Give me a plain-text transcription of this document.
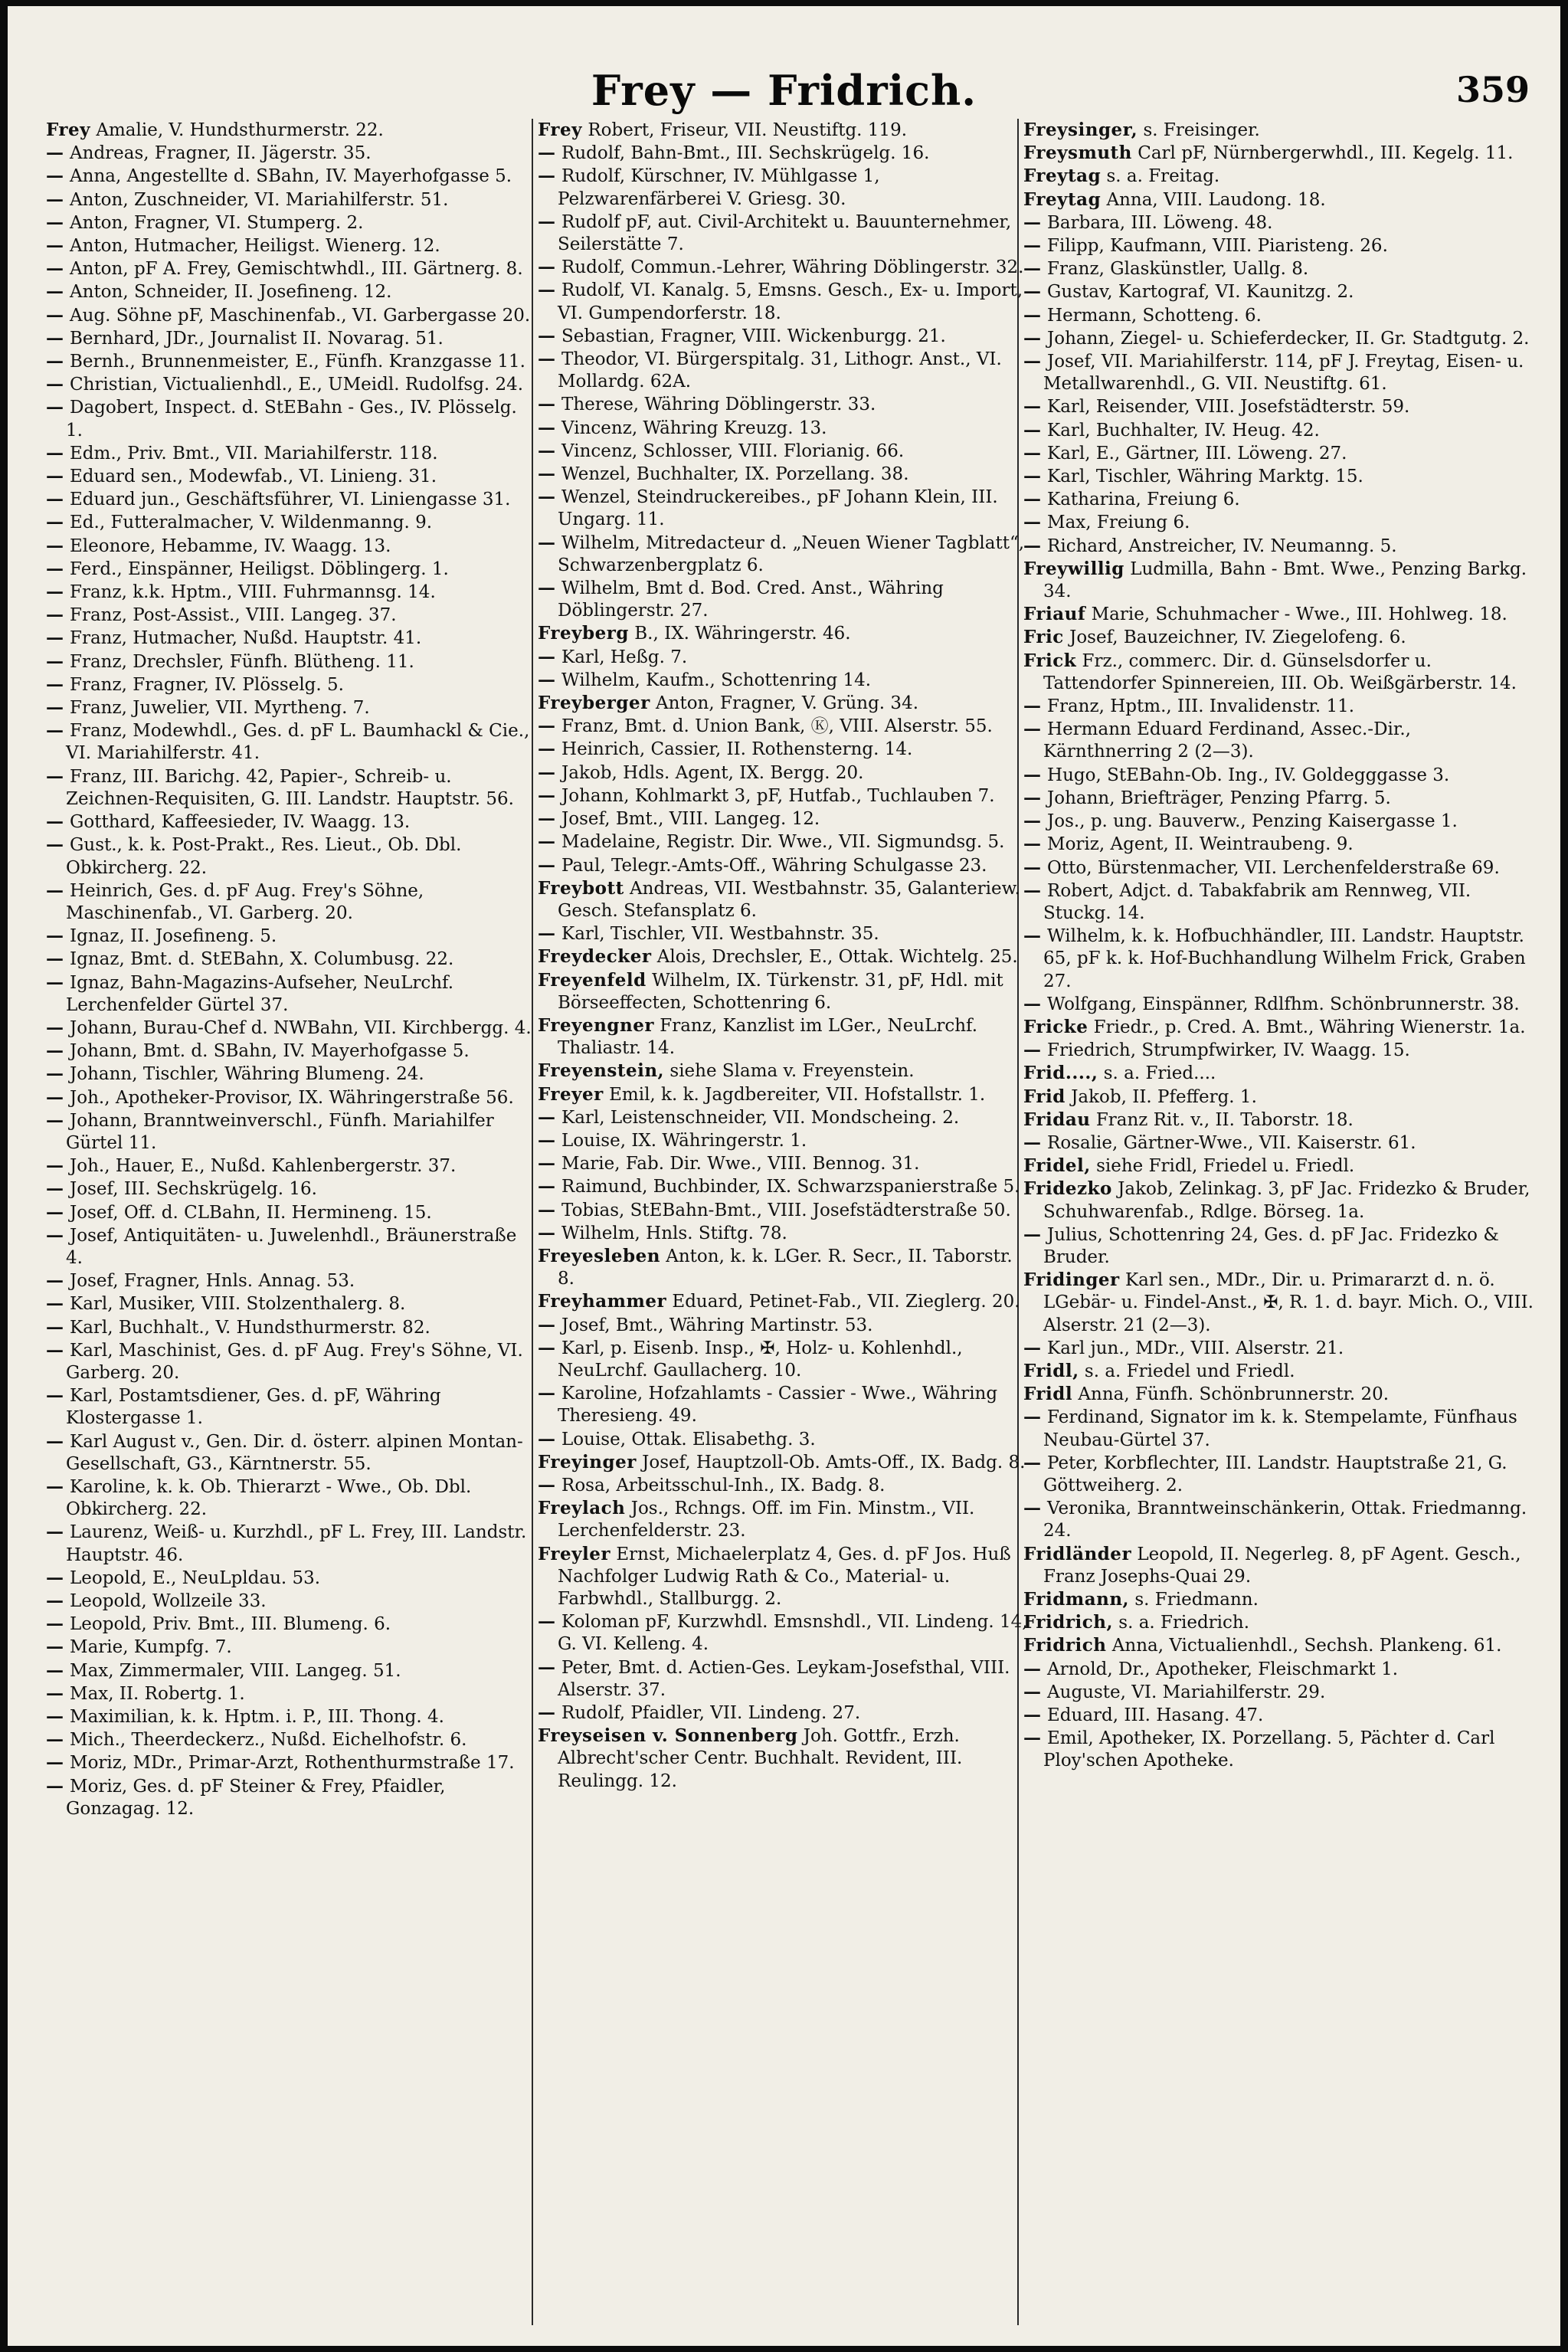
Frey — Fridrich.	359

Frey Amalie, V. Hundsthurmerstr. 22.

— Andreas, Fragner, II. Jägerstr. 35.

— Anna, Angestellte d. SBahn, IV. Mayerhofgasse 5.

— Anton, Zuschneider, VI. Mariahilferstr. 51.

— Anton, Fragner, VI. Stumperg. 2.

— Anton, Hutmacher, Heiligst. Wienerg. 12.

— Anton, pF A. Frey, Gemischtwhdl., III. Gärtnerg. 8.

— Anton, Schneider, II. Josefineng. 12.

— Aug. Söhne pF, Maschinenfab., VI. Garbergasse 20.

— Bernhard, JDr., Journalist II. Novarag. 51.

— Bernh., Brunnenmeister, E., Fünfh. Kranzgasse 11.

— Christian, Victualienhdl., E., UMeidl. Rudolfsg. 24.

— Dagobert, Inspect. d. StEBahn - Ges., IV. Plösselg. 1.

— Edm., Priv. Bmt., VII. Mariahilferstr. 118.

— Eduard sen., Modewfab., VI. Linieng. 31.

— Eduard jun., Geschäftsführer, VI. Liniengasse 31.

— Ed., Futteralmacher, V. Wildenmanng. 9.

— Eleonore, Hebamme, IV. Waagg. 13.

— Ferd., Einspänner, Heiligst. Döblingerg. 1.

— Franz, k.k. Hptm., VIII. Fuhrmannsg. 14.

— Franz, Post-Assist., VIII. Langeg. 37.

— Franz, Hutmacher, Nußd. Hauptstr. 41.

— Franz, Drechsler, Fünfh. Blütheng. 11.

— Franz, Fragner, IV. Plösselg. 5.

— Franz, Juwelier, VII. Myrtheng. 7.

— Franz, Modewhdl., Ges. d. pF L. Baumhackl & Cie., VI. Mariahilferstr. 41.

— Franz, III. Barichg. 42, Papier-, Schreib- u. Zeichnen-Requisiten, G. III. Landstr. Hauptstr. 56.

— Gotthard, Kaffeesieder, IV. Waagg. 13.

— Gust., k. k. Post-Prakt., Res. Lieut., Ob. Dbl. Obkircherg. 22.

— Heinrich, Ges. d. pF Aug. Frey's Söhne, Maschinenfab., VI. Garberg. 20.

— Ignaz, II. Josefineng. 5.

— Ignaz, Bmt. d. StEBahn, X. Columbusg. 22.

— Ignaz, Bahn-Magazins-Aufseher, NeuLrchf. Lerchenfelder Gürtel 37.

— Johann, Burau-Chef d. NWBahn, VII. Kirchbergg. 4.

— Johann, Bmt. d. SBahn, IV. Mayerhofgasse 5.

— Johann, Tischler, Währing Blumeng. 24.

— Joh., Apotheker-Provisor, IX. Währingerstraße 56.

— Johann, Branntweinverschl., Fünfh. Mariahilfer Gürtel 11.

— Joh., Hauer, E., Nußd. Kahlenbergerstr. 37.

— Josef, III. Sechskrügelg. 16.

— Josef, Off. d. CLBahn, II. Hermineng. 15.

— Josef, Antiquitäten- u. Juwelenhdl., Bräunerstraße 4.

— Josef, Fragner, Hnls. Annag. 53.

— Karl, Musiker, VIII. Stolzenthalerg. 8.

— Karl, Buchhalt., V. Hundsthurmerstr. 82.

— Karl, Maschinist, Ges. d. pF Aug. Frey's Söhne, VI. Garberg. 20.

— Karl, Postamtsdiener, Ges. d. pF, Währing Klostergasse 1.

— Karl August v., Gen. Dir. d. österr. alpinen Montan-Gesellschaft, G3., Kärntnerstr. 55.

— Karoline, k. k. Ob. Thierarzt - Wwe., Ob. Dbl. Obkircherg. 22.

— Laurenz, Weiß- u. Kurzhdl., pF L. Frey, III. Landstr. Hauptstr. 46.

— Leopold, E., NeuLpldau. 53.

— Leopold, Wollzeile 33.

— Leopold, Priv. Bmt., III. Blumeng. 6.

— Marie, Kumpfg. 7.

— Max, Zimmermaler, VIII. Langeg. 51.

— Max, II. Robertg. 1.

— Maximilian, k. k. Hptm. i. P., III. Thong. 4.

— Mich., Theerdeckerz., Nußd. Eichelhofstr. 6.

— Moriz, MDr., Primar-Arzt, Rothenthurmstraße 17.

— Moriz, Ges. d. pF Steiner & Frey, Pfaidler, Gonzagag. 12.

Frey Robert, Friseur, VII. Neustiftg. 119.

— Rudolf, Bahn-Bmt., III. Sechskrügelg. 16.

— Rudolf, Kürschner, IV. Mühlgasse 1, Pelzwarenfärberei V. Griesg. 30.

— Rudolf pF, aut. Civil-Architekt u. Bauunternehmer, Seilerstätte 7.

— Rudolf, Commun.-Lehrer, Währing Döblingerstr. 32.

— Rudolf, VI. Kanalg. 5, Emsns. Gesch., Ex- u. Import, VI. Gumpendorferstr. 18.

— Sebastian, Fragner, VIII. Wickenburgg. 21.

— Theodor, VI. Bürgerspitalg. 31, Lithogr. Anst., VI. Mollardg. 62A.

— Therese, Währing Döblingerstr. 33.

— Vincenz, Währing Kreuzg. 13.

— Vincenz, Schlosser, VIII. Florianig. 66.

— Wenzel, Buchhalter, IX. Porzellang. 38.

— Wenzel, Steindruckereibes., pF Johann Klein, III. Ungarg. 11.

— Wilhelm, Mitredacteur d. „Neuen Wiener Tagblatt“, Schwarzenbergplatz 6.

— Wilhelm, Bmt d. Bod. Cred. Anst., Währing Döblingerstr. 27.

Freyberg B., IX. Währingerstr. 46.

— Karl, Heßg. 7.

— Wilhelm, Kaufm., Schottenring 14.

Freyberger Anton, Fragner, V. Grüng. 34.

— Franz, Bmt. d. Union Bank, Ⓚ, VIII. Alserstr. 55.

— Heinrich, Cassier, II. Rothensterng. 14.

— Jakob, Hdls. Agent, IX. Bergg. 20.

— Johann, Kohlmarkt 3, pF, Hutfab., Tuchlauben 7.

— Josef, Bmt., VIII. Langeg. 12.

— Madelaine, Registr. Dir. Wwe., VII. Sigmundsg. 5.

— Paul, Telegr.-Amts-Off., Währing Schulgasse 23.

Freybott Andreas, VII. Westbahnstr. 35, Galanteriew. Gesch. Stefansplatz 6.

— Karl, Tischler, VII. Westbahnstr. 35.

Freydecker Alois, Drechsler, E., Ottak. Wichtelg. 25.

Freyenfeld Wilhelm, IX. Türkenstr. 31, pF, Hdl. mit Börseeffecten, Schottenring 6.

Freyengner Franz, Kanzlist im LGer., NeuLrchf. Thaliastr. 14.

Freyenstein, siehe Slama v. Freyenstein.

Freyer Emil, k. k. Jagdbereiter, VII. Hofstallstr. 1.

— Karl, Leistenschneider, VII. Mondscheing. 2.

— Louise, IX. Währingerstr. 1.

— Marie, Fab. Dir. Wwe., VIII. Bennog. 31.

— Raimund, Buchbinder, IX. Schwarzspanierstraße 5.

— Tobias, StEBahn-Bmt., VIII. Josefstädterstraße 50.

— Wilhelm, Hnls. Stiftg. 78.

Freyesleben Anton, k. k. LGer. R. Secr., II. Taborstr. 8.

Freyhammer Eduard, Petinet-Fab., VII. Zieglerg. 20.

— Josef, Bmt., Währing Martinstr. 53.

— Karl, p. Eisenb. Insp., ✠, Holz- u. Kohlenhdl., NeuLrchf. Gaullacherg. 10.

— Karoline, Hofzahlamts - Cassier - Wwe., Währing Theresieng. 49.

— Louise, Ottak. Elisabethg. 3.

Freyinger Josef, Hauptzoll-Ob. Amts-Off., IX. Badg. 8.

— Rosa, Arbeitsschul-Inh., IX. Badg. 8.

Freylach Jos., Rchngs. Off. im Fin. Minstm., VII. Lerchenfelderstr. 23.

Freyler Ernst, Michaelerplatz 4, Ges. d. pF Jos. Huß Nachfolger Ludwig Rath & Co., Material- u. Farbwhdl., Stallburgg. 2.

— Koloman pF, Kurzwhdl. Emsnshdl., VII. Lindeng. 14, G. VI. Kelleng. 4.

— Peter, Bmt. d. Actien-Ges. Leykam-Josefsthal, VIII. Alserstr. 37.

— Rudolf, Pfaidler, VII. Lindeng. 27.

Freyseisen v. Sonnenberg Joh. Gottfr., Erzh. Albrecht'scher Centr. Buchhalt. Revident, III. Reulingg. 12.

Freysinger, s. Freisinger.

Freysmuth Carl pF, Nürnbergerwhdl., III. Kegelg. 11.

Freytag s. a. Freitag.

Freytag Anna, VIII. Laudong. 18.

— Barbara, III. Löweng. 48.

— Filipp, Kaufmann, VIII. Piaristeng. 26.

— Franz, Glaskünstler, Uallg. 8.

— Gustav, Kartograf, VI. Kaunitzg. 2.

— Hermann, Schotteng. 6.

— Johann, Ziegel- u. Schieferdecker, II. Gr. Stadtgutg. 2.

— Josef, VII. Mariahilferstr. 114, pF J. Freytag, Eisen- u. Metallwarenhdl., G. VII. Neustiftg. 61.

— Karl, Reisender, VIII. Josefstädterstr. 59.

— Karl, Buchhalter, IV. Heug. 42.

— Karl, E., Gärtner, III. Löweng. 27.

— Karl, Tischler, Währing Marktg. 15.

— Katharina, Freiung 6.

— Max, Freiung 6.

— Richard, Anstreicher, IV. Neumanng. 5.

Freywillig Ludmilla, Bahn - Bmt. Wwe., Penzing Barkg. 34.

Friauf Marie, Schuhmacher - Wwe., III. Hohlweg. 18.

Fric Josef, Bauzeichner, IV. Ziegelofeng. 6.

Frick Frz., commerc. Dir. d. Günselsdorfer u. Tattendorfer Spinnereien, III. Ob. Weißgärberstr. 14.

— Franz, Hptm., III. Invalidenstr. 11.

— Hermann Eduard Ferdinand, Assec.-Dir., Kärnthnerring 2 (2—3).

— Hugo, StEBahn-Ob. Ing., IV. Goldegggasse 3.

— Johann, Briefträger, Penzing Pfarrg. 5.

— Jos., p. ung. Bauverw., Penzing Kaisergasse 1.

— Moriz, Agent, II. Weintraubeng. 9.

— Otto, Bürstenmacher, VII. Lerchenfelderstraße 69.

— Robert, Adjct. d. Tabakfabrik am Rennweg, VII. Stuckg. 14.

— Wilhelm, k. k. Hofbuchhändler, III. Landstr. Hauptstr. 65, pF k. k. Hof-Buchhandlung Wilhelm Frick, Graben 27.

— Wolfgang, Einspänner, Rdlfhm. Schönbrunnerstr. 38.

Fricke Friedr., p. Cred. A. Bmt., Währing Wienerstr. 1a.

— Friedrich, Strumpfwirker, IV. Waagg. 15.

Frid...., s. a. Fried....

Frid Jakob, II. Pfefferg. 1.

Fridau Franz Rit. v., II. Taborstr. 18.

— Rosalie, Gärtner-Wwe., VII. Kaiserstr. 61.

Fridel, siehe Fridl, Friedel u. Friedl.

Fridezko Jakob, Zelinkag. 3, pF Jac. Fridezko & Bruder, Schuhwarenfab., Rdlge. Börseg. 1a.

— Julius, Schottenring 24, Ges. d. pF Jac. Fridezko & Bruder.

Fridinger Karl sen., MDr., Dir. u. Primararzt d. n. ö. LGebär- u. Findel-Anst., ✠, R. 1. d. bayr. Mich. O., VIII. Alserstr. 21 (2—3).

— Karl jun., MDr., VIII. Alserstr. 21.

Fridl, s. a. Friedel und Friedl.

Fridl Anna, Fünfh. Schönbrunnerstr. 20.

— Ferdinand, Signator im k. k. Stempelamte, Fünfhaus Neubau-Gürtel 37.

— Peter, Korbflechter, III. Landstr. Hauptstraße 21, G. Göttweiherg. 2.

— Veronika, Branntweinschänkerin, Ottak. Friedmanng. 24.

Fridländer Leopold, II. Negerleg. 8, pF Agent. Gesch., Franz Josephs-Quai 29.

Fridmann, s. Friedmann.

Fridrich, s. a. Friedrich.

Fridrich Anna, Victualienhdl., Sechsh. Plankeng. 61.

— Arnold, Dr., Apotheker, Fleischmarkt 1.

— Auguste, VI. Mariahilferstr. 29.

— Eduard, III. Hasang. 47.

— Emil, Apotheker, IX. Porzellang. 5, Pächter d. Carl Ploy'schen Apotheke.
